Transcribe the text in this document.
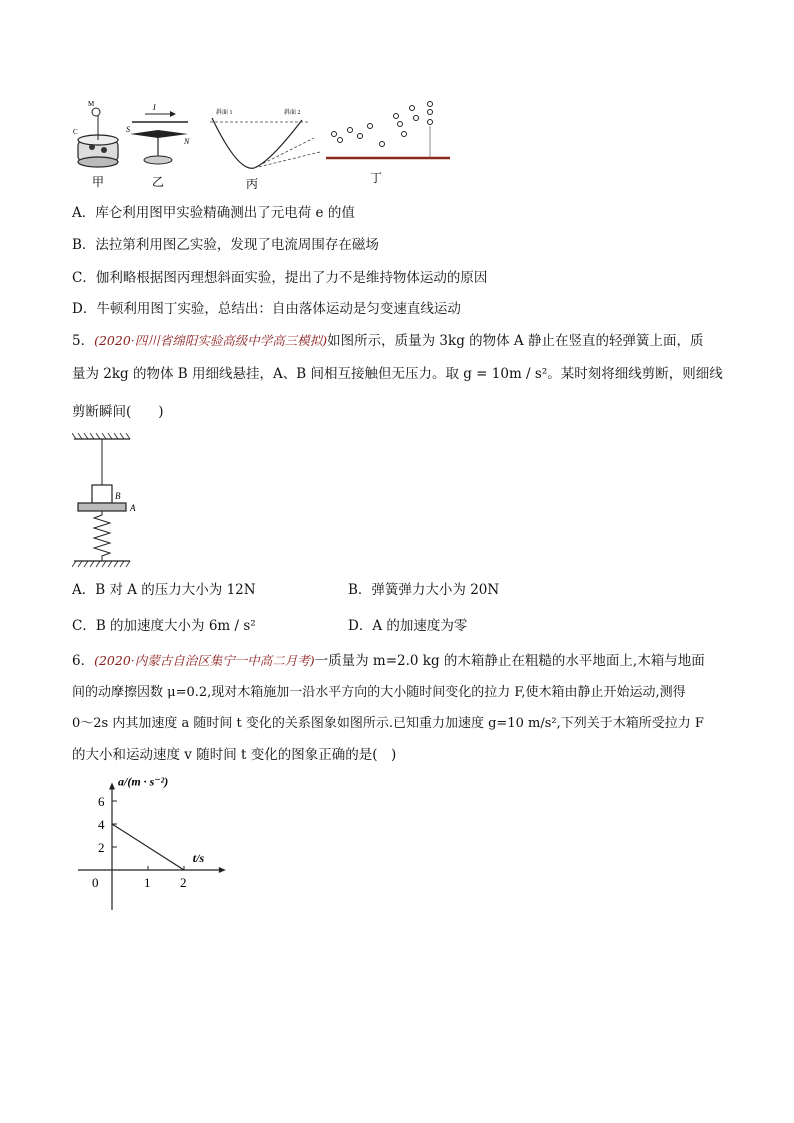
M
C
I
S
N
斜面 1	斜面 2
甲	乙	丙	丁
A．库仑利用图甲实验精确测出了元电荷 e 的值
B．法拉第利用图乙实验，发现了电流周围存在磁场
C．伽利略根据图丙理想斜面实验，提出了力不是维持物体运动的原因
D．牛顿利用图丁实验，总结出：自由落体运动是匀变速直线运动
5．(2020·四川省绵阳实验高级中学高三模拟)如图所示，质量为 3kg 的物体 A 静止在竖直的轻弹簧上面，质
量为 2kg 的物体 B 用细线悬挂，A、B 间相互接触但无压力。取 g = 10m / s²。某时刻将细线剪断，则细线
剪断瞬间(　　)
B
A
A．B 对 A 的压力大小为 12N	B．弹簧弹力大小为 20N
C．B 的加速度大小为 6m / s²	D．A 的加速度为零
6．(2020·内蒙古自治区集宁一中高二月考)一质量为 m=2.0 kg 的木箱静止在粗糙的水平地面上,木箱与地面
间的动摩擦因数 μ=0.2,现对木箱施加一沿水平方向的大小随时间变化的拉力 F,使木箱由静止开始运动,测得
0～2s 内其加速度 a 随时间 t 变化的关系图象如图所示.已知重力加速度 g=10 m/s²,下列关于木箱所受拉力 F
的大小和运动速度 v 随时间 t 变化的图象正确的是(　)
a/(m · s⁻²)
t/s
2
4
6
0	1 2
